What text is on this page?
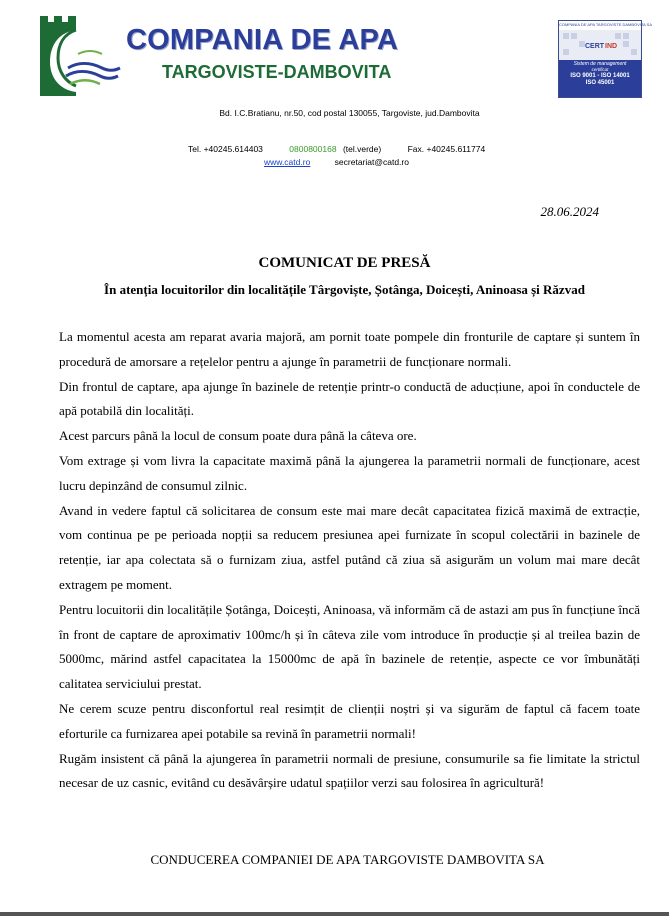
COMPANIA DE APA
TARGOVISTE-DAMBOVITA
COMPANIA DE APA TARGOVISTE DAMBOVITA SA
CERT IND
Sistem de management
certificat
ISO 9001 - ISO 14001
ISO 45001
Bd. I.C.Bratianu, nr.50, cod postal 130055, Targoviste, jud.Dambovita
Tel. +40245.614403	0800800168 (tel.verde)	Fax. +40245.611774
www.catd.ro	secretariat@catd.ro
28.06.2024
COMUNICAT DE PRESĂ
În atenția locuitorilor din localitățile Târgoviște, Șotânga, Doicești, Aninoasa și Răzvad

La momentul acesta am reparat avaria majoră, am pornit toate pompele din fronturile de captare și suntem în procedură de amorsare a rețelelor pentru a ajunge în parametrii de funcționare normali.

Din frontul de captare, apa ajunge în bazinele de retenție printr-o conductă de aducțiune, apoi în conductele de apă potabilă din localități.

Acest parcurs până la locul de consum poate dura până la câteva ore.

Vom extrage și vom livra la capacitate maximă până la ajungerea la parametrii normali de funcționare, acest lucru depinzând de consumul zilnic.

Avand in vedere faptul că solicitarea de consum este mai mare decât capacitatea fizică maximă de extracție, vom continua pe pe perioada nopții sa reducem presiunea apei furnizate în scopul colectării in bazinele de retenție, iar apa colectata să o furnizam ziua, astfel putând că ziua să asigurăm un volum mai mare decât extragem pe moment.

Pentru locuitorii din localitățile Șotânga, Doicești, Aninoasa, vă informăm că de astazi am pus în funcțiune încă în front de captare de aproximativ 100mc/h și în câteva zile vom introduce în producție și al treilea bazin de 5000mc, mărind astfel capacitatea la 15000mc de apă în bazinele de retenție, aspecte ce vor îmbunătăți calitatea serviciului prestat.

Ne cerem scuze pentru disconfortul real resimțit de clienții noștri și va sigurăm de faptul că facem toate eforturile ca furnizarea apei potabile sa revină în parametrii normali!

Rugăm insistent că până la ajungerea în parametrii normali de presiune, consumurile sa fie limitate la strictul necesar de uz casnic, evitând cu desăvârșire udatul spațiilor verzi sau folosirea în agricultură!

CONDUCEREA COMPANIEI DE APA TARGOVISTE DAMBOVITA SA
